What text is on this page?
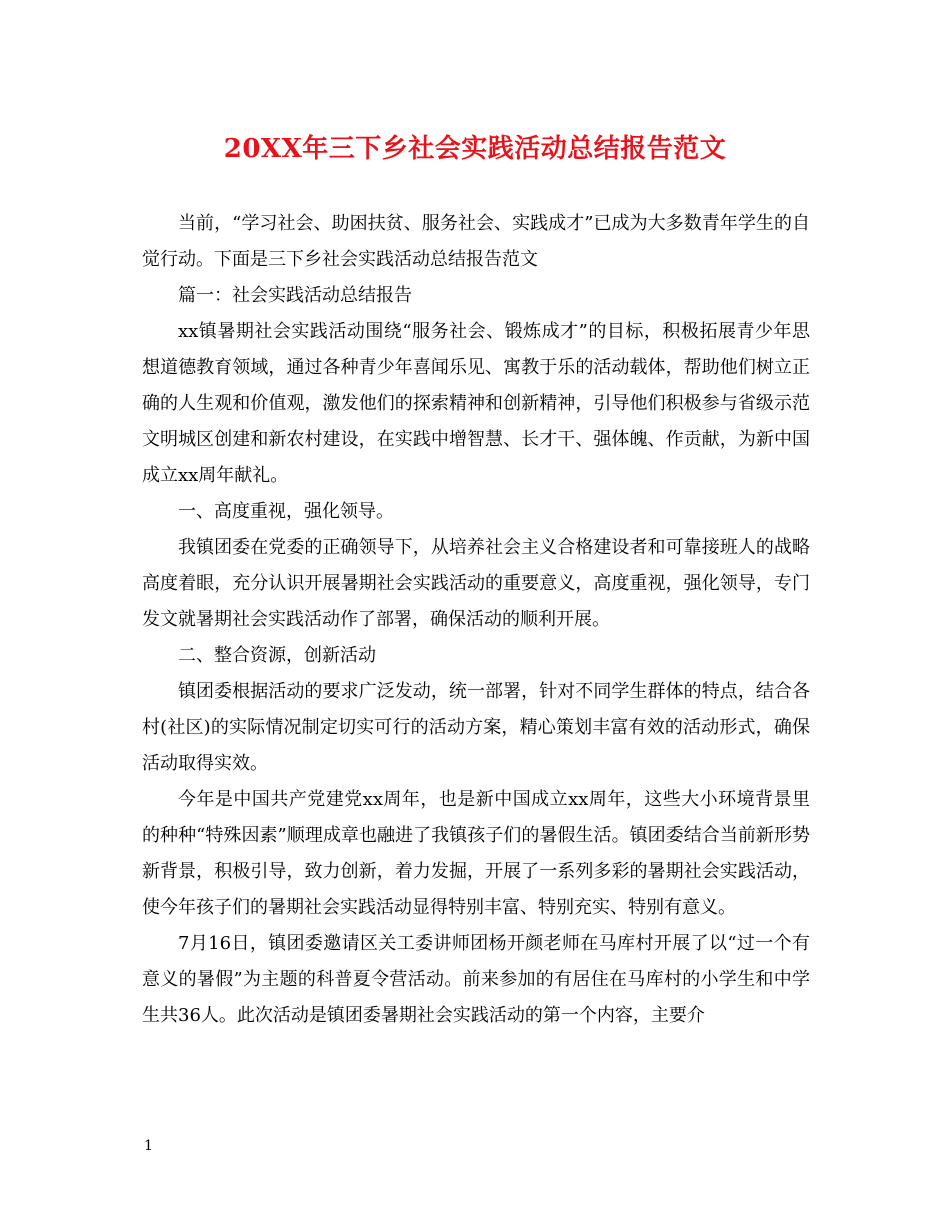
20XX年三下乡社会实践活动总结报告范文

当前，“学习社会、助困扶贫、服务社会、实践成才”已成为大多数青年学生的自觉行动。下面是三下乡社会实践活动总结报告范文

篇一：社会实践活动总结报告

xx镇暑期社会实践活动围绕“服务社会、锻炼成才”的目标，积极拓展青少年思想道德教育领域，通过各种青少年喜闻乐见、寓教于乐的活动载体，帮助他们树立正确的人生观和价值观，激发他们的探索精神和创新精神，引导他们积极参与省级示范文明城区创建和新农村建设，在实践中增智慧、长才干、强体魄、作贡献，为新中国成立xx周年献礼。

一、高度重视，强化领导。

我镇团委在党委的正确领导下，从培养社会主义合格建设者和可靠接班人的战略高度着眼，充分认识开展暑期社会实践活动的重要意义，高度重视，强化领导，专门发文就暑期社会实践活动作了部署，确保活动的顺利开展。

二、整合资源，创新活动

镇团委根据活动的要求广泛发动，统一部署，针对不同学生群体的特点，结合各村(社区)的实际情况制定切实可行的活动方案，精心策划丰富有效的活动形式，确保活动取得实效。

今年是中国共产党建党xx周年，也是新中国成立xx周年，这些大小环境背景里的种种“特殊因素”顺理成章也融进了我镇孩子们的暑假生活。镇团委结合当前新形势新背景，积极引导，致力创新，着力发掘，开展了一系列多彩的暑期社会实践活动，使今年孩子们的暑期社会实践活动显得特别丰富、特别充实、特别有意义。

7月16日，镇团委邀请区关工委讲师团杨开颜老师在马库村开展了以“过一个有意义的暑假”为主题的科普夏令营活动。前来参加的有居住在马库村的小学生和中学生共36人。此次活动是镇团委暑期社会实践活动的第一个内容，主要介

1
